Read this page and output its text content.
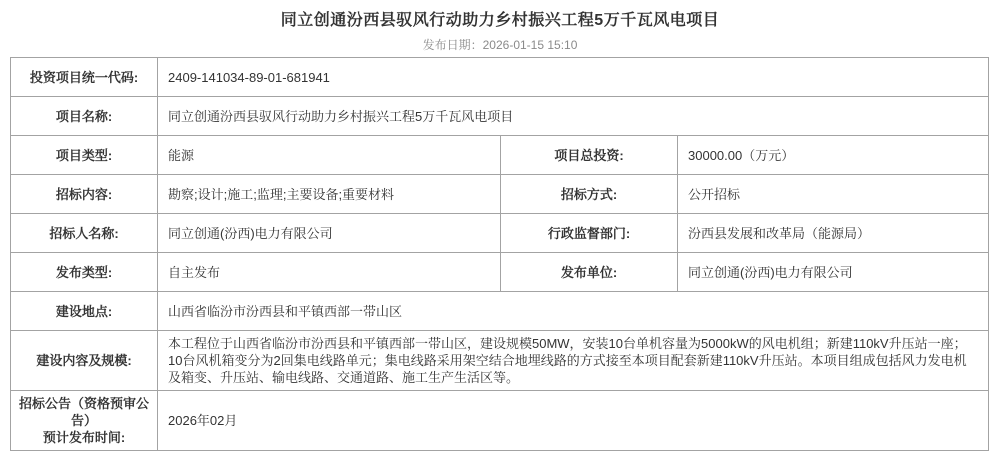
同立创通汾西县驭风行动助力乡村振兴工程5万千瓦风电项目
发布日期：2026-01-15 15:10
投资项目统一代码:	2409-141034-89-01-681941		
项目名称:	同立创通汾西县驭风行动助力乡村振兴工程5万千瓦风电项目		
项目类型:	能源	项目总投资:	30000.00（万元）
招标内容:	勘察;设计;施工;监理;主要设备;重要材料	招标方式:	公开招标
招标人名称:	同立创通(汾西)电力有限公司	行政监督部门:	汾西县发展和改革局（能源局）
发布类型:	自主发布	发布单位:	同立创通(汾西)电力有限公司
建设地点:	山西省临汾市汾西县和平镇西部一带山区		
建设内容及规模:	本工程位于山西省临汾市汾西县和平镇西部一带山区，建设规模50MW，安装10台单机容量为5000kW的风电机组；新建110kV升压站一座；10台风机箱变分为2回集电线路单元；集电线路采用架空结合地埋线路的方式接至本项目配套新建110kV升压站。本项目组成包括风力发电机及箱变、升压站、输电线路、交通道路、施工生产生活区等。		
招标公告（资格预审公告）
预计发布时间:	2026年02月		
